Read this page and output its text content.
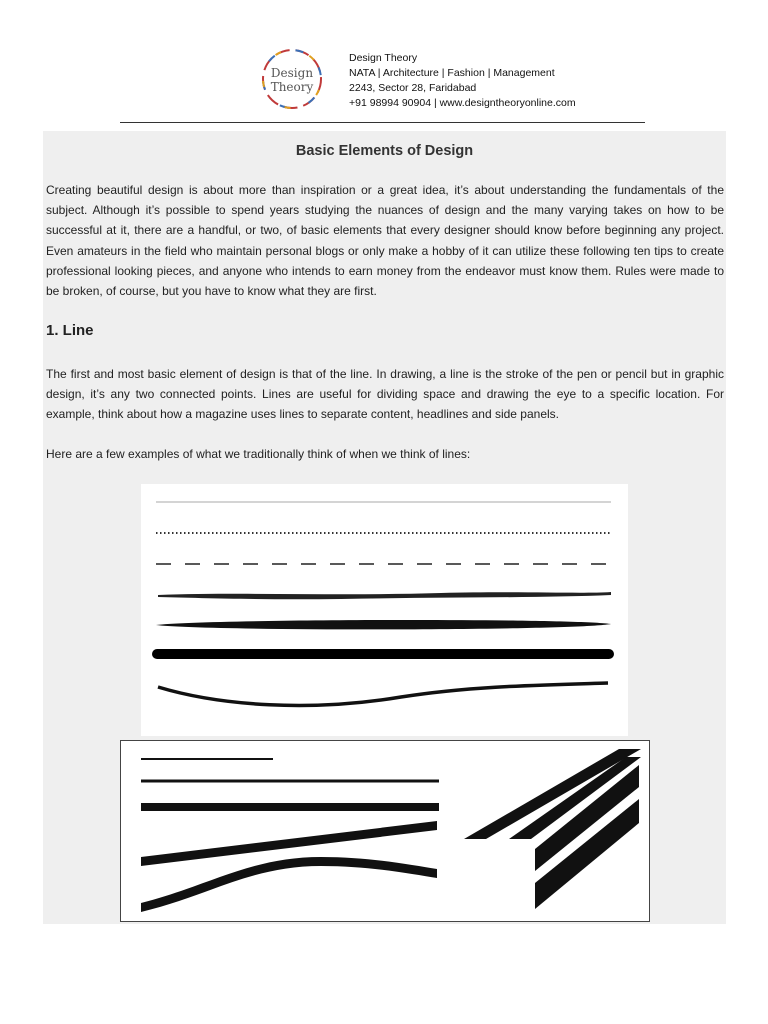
Design
Theory
Design Theory
NATA | Architecture | Fashion | Management
2243, Sector 28, Faridabad
+91 98994 90904 | www.designtheoryonline.com
Basic Elements of Design
Creating beautiful design is about more than inspiration or a great idea, it’s about understanding the fundamentals of the subject. Although it’s possible to spend years studying the nuances of design and the many varying takes on how to be successful at it, there are a handful, or two, of basic elements that every designer should know before beginning any project. Even amateurs in the field who maintain personal blogs or only make a hobby of it can utilize these following ten tips to create professional looking pieces, and anyone who intends to earn money from the endeavor must know them. Rules were made to be broken, of course, but you have to know what they are first.
1. Line
The first and most basic element of design is that of the line. In drawing, a line is the stroke of the pen or pencil but in graphic design, it’s any two connected points. Lines are useful for dividing space and drawing the eye to a specific location. For example, think about how a magazine uses lines to separate content, headlines and side panels.
Here are a few examples of what we traditionally think of when we think of lines:
